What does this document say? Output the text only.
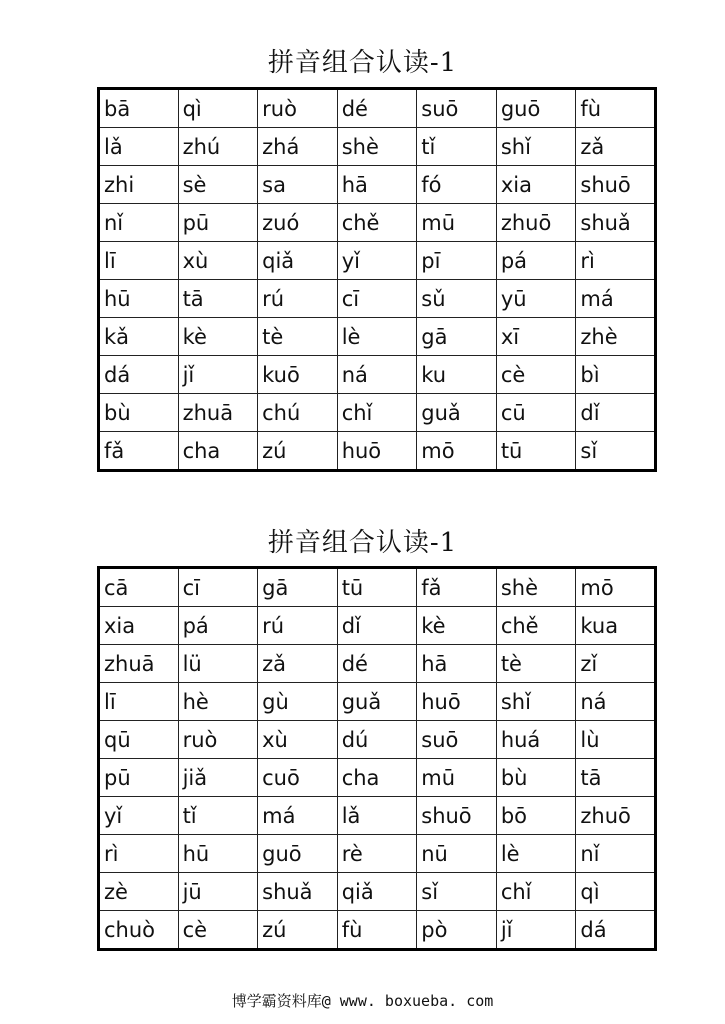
拼音组合认读-1
bā	qì	ruò	dé	suō	guō	fù
lǎ	zhú	zhá	shè	tǐ	shǐ	zǎ
zhi	sè	sa	hā	fó	xia	shuō
nǐ	pū	zuó	chě	mū	zhuō	shuǎ
lī	xù	qiǎ	yǐ	pī	pá	rì
hū	tā	rú	cī	sǔ	yū	má
kǎ	kè	tè	lè	gā	xī	zhè
dá	jǐ	kuō	ná	ku	cè	bì
bù	zhuā	chú	chǐ	guǎ	cū	dǐ
fǎ	cha	zú	huō	mō	tū	sǐ
拼音组合认读-1
cā	cī	gā	tū	fǎ	shè	mō
xia	pá	rú	dǐ	kè	chě	kua
zhuā	lü	zǎ	dé	hā	tè	zǐ
lī	hè	gù	guǎ	huō	shǐ	ná
qū	ruò	xù	dú	suō	huá	lù
pū	jiǎ	cuō	cha	mū	bù	tā
yǐ	tǐ	má	lǎ	shuō	bō	zhuō
rì	hū	guō	rè	nū	lè	nǐ
zè	jū	shuǎ	qiǎ	sǐ	chǐ	qì
chuò	cè	zú	fù	pò	jǐ	dá
博学霸资料库@ www. boxueba. com
